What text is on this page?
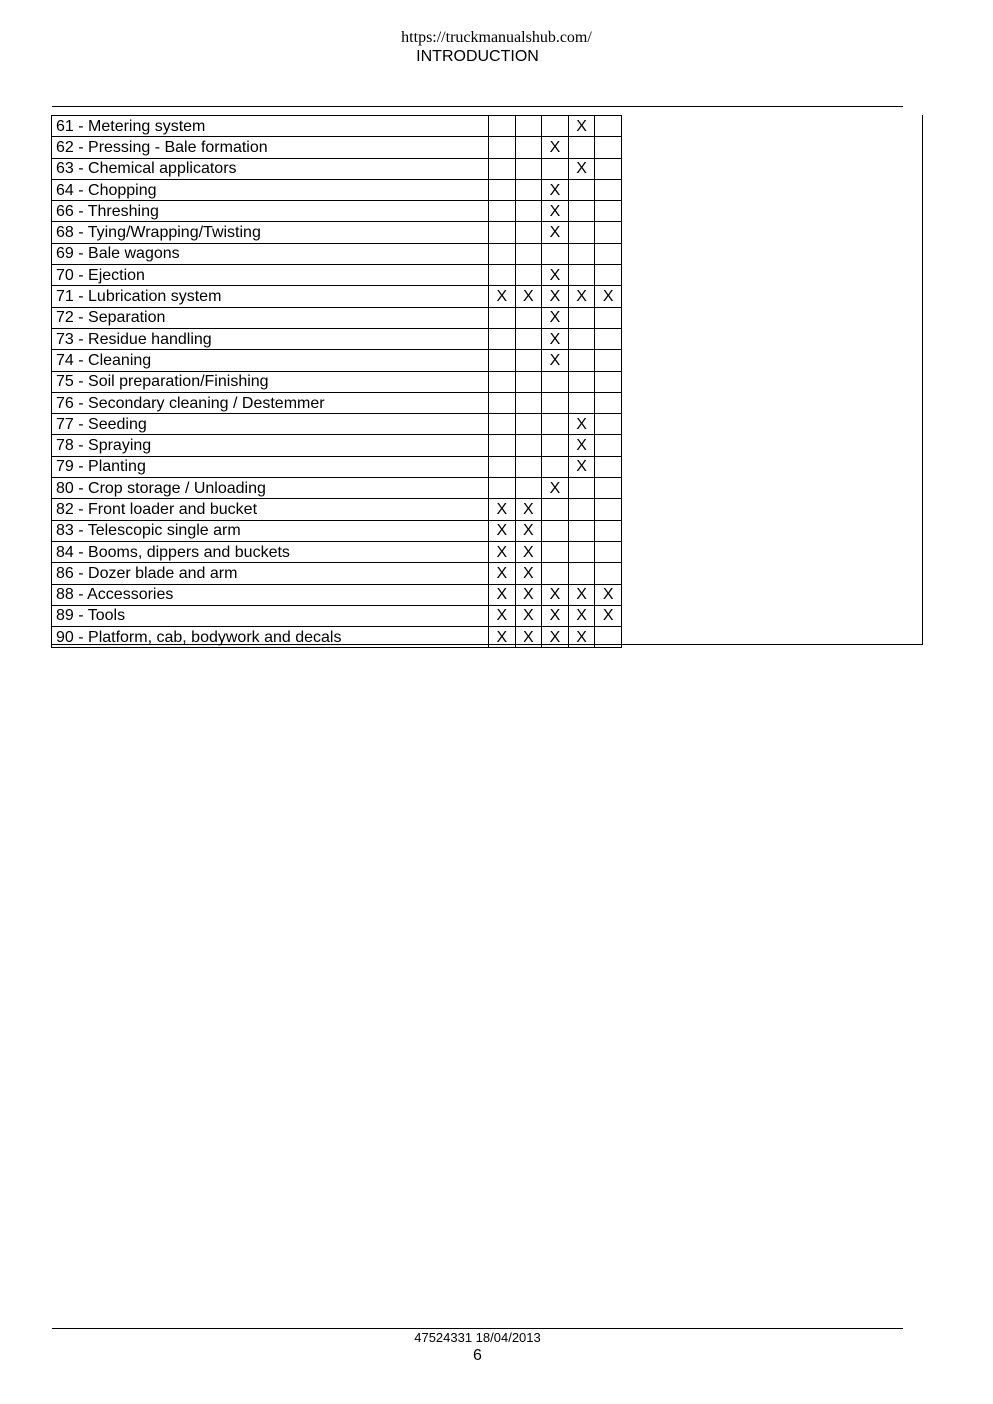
https://truckmanualshub.com/
INTRODUCTION
61 - Metering system				X	
62 - Pressing - Bale formation			X		
63 - Chemical applicators				X	
64 - Chopping			X		
66 - Threshing			X		
68 - Tying/Wrapping/Twisting			X		
69 - Bale wagons					
70 - Ejection			X		
71 - Lubrication system	X	X	X	X	X
72 - Separation			X		
73 - Residue handling			X		
74 - Cleaning			X		
75 - Soil preparation/Finishing					
76 - Secondary cleaning / Destemmer					
77 - Seeding				X	
78 - Spraying				X	
79 - Planting				X	
80 - Crop storage / Unloading			X		
82 - Front loader and bucket	X	X			
83 - Telescopic single arm	X	X			
84 - Booms, dippers and buckets	X	X			
86 - Dozer blade and arm	X	X			
88 - Accessories	X	X	X	X	X
89 - Tools	X	X	X	X	X
90 - Platform, cab, bodywork and decals	X	X	X	X	
47524331 18/04/2013
6
